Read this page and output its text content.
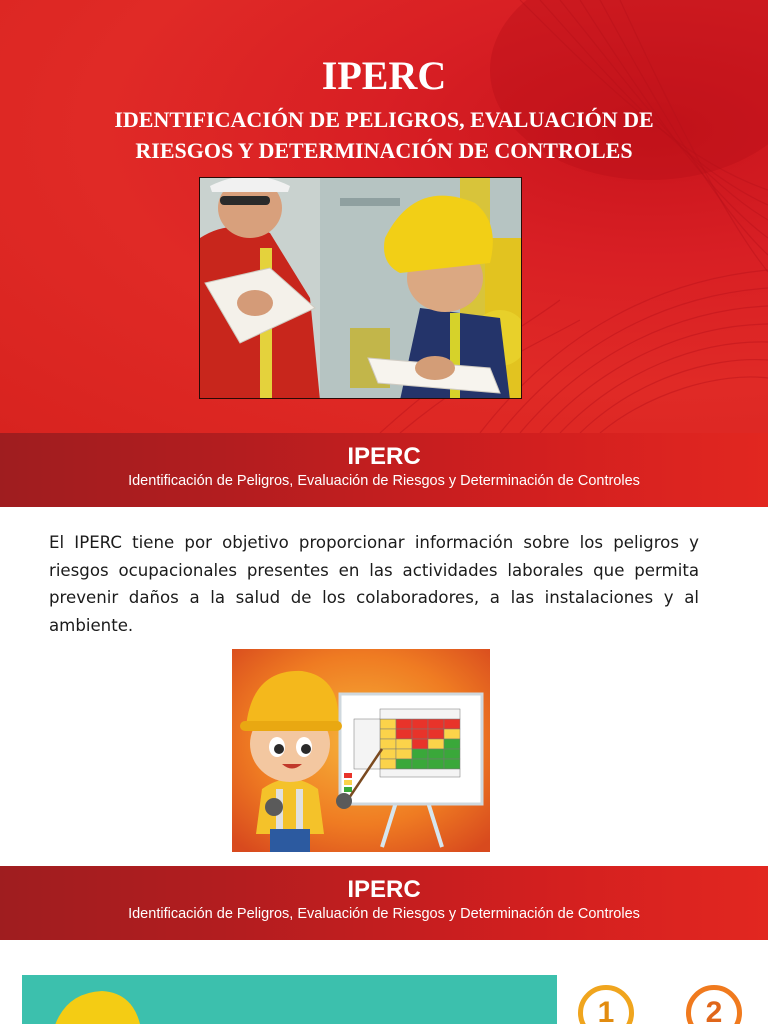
IPERC
IDENTIFICACIÓN DE PELIGROS, EVALUACIÓN DE RIESGOS Y DETERMINACIÓN DE CONTROLES
IPERC
Identificación de Peligros, Evaluación de Riesgos y Determinación de Controles
El IPERC tiene por objetivo proporcionar información sobre los peligros y riesgos ocupacionales presentes en las actividades laborales que permita prevenir daños a la salud de los colaboradores, a las instalaciones y al ambiente.
IPERC
Identificación de Peligros, Evaluación de Riesgos y Determinación de Controles
1	2
